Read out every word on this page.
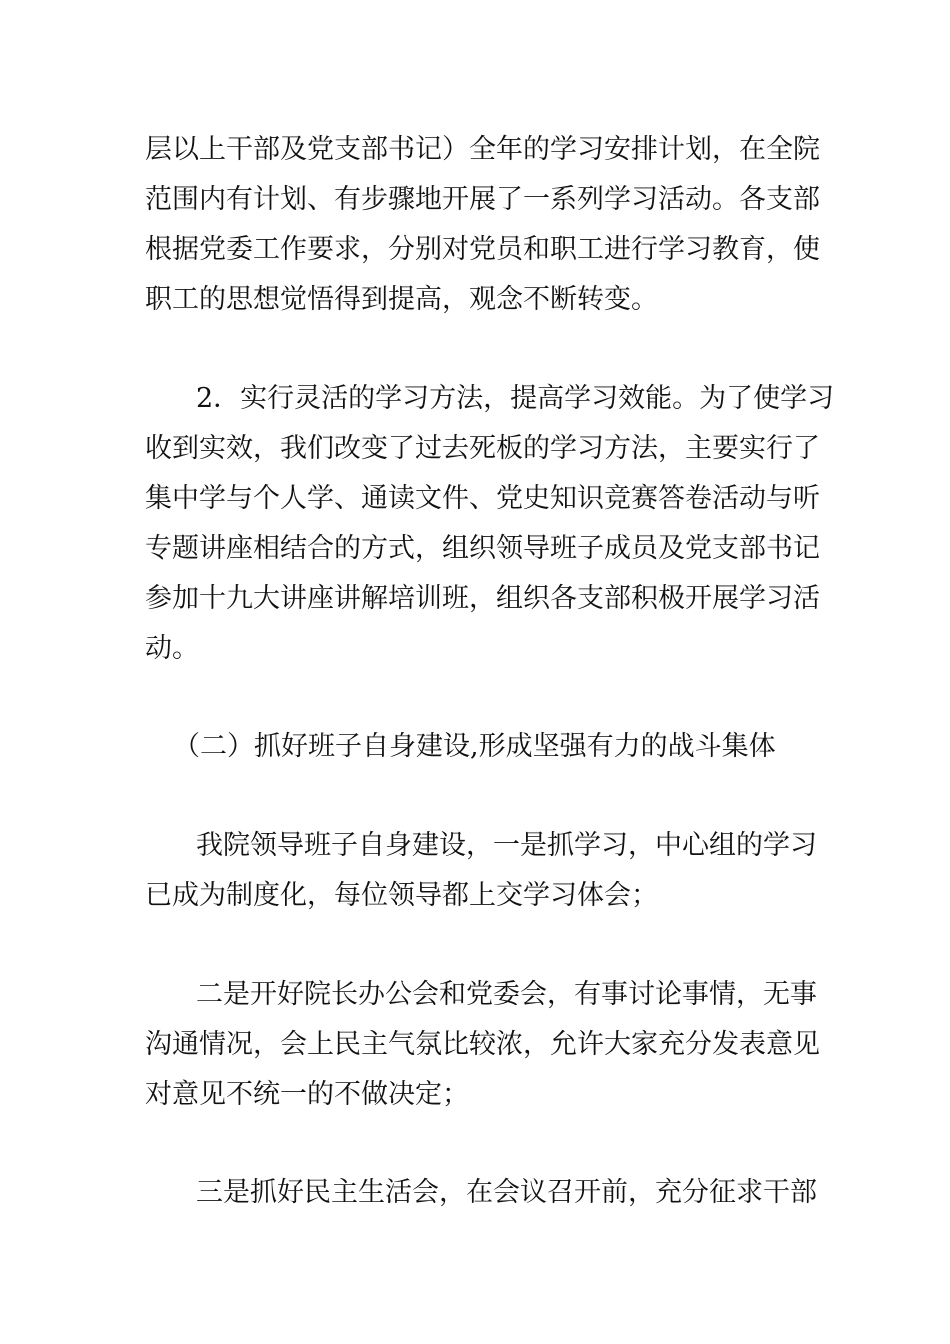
层以上干部及党支部书记）全年的学习安排计划，在全院
范围内有计划、有步骤地开展了一系列学习活动。各支部
根据党委工作要求，分别对党员和职工进行学习教育，使
职工的思想觉悟得到提高，观念不断转变。
2．实行灵活的学习方法，提高学习效能。为了使学习
收到实效，我们改变了过去死板的学习方法，主要实行了
集中学与个人学、通读文件、党史知识竞赛答卷活动与听
专题讲座相结合的方式，组织领导班子成员及党支部书记
参加十九大讲座讲解培训班，组织各支部积极开展学习活
动。
（二）抓好班子自身建设,形成坚强有力的战斗集体
我院领导班子自身建设，一是抓学习，中心组的学习
已成为制度化，每位领导都上交学习体会；
二是开好院长办公会和党委会，有事讨论事情，无事
沟通情况，会上民主气氛比较浓，允许大家充分发表意见
对意见不统一的不做决定；
三是抓好民主生活会，在会议召开前，充分征求干部
